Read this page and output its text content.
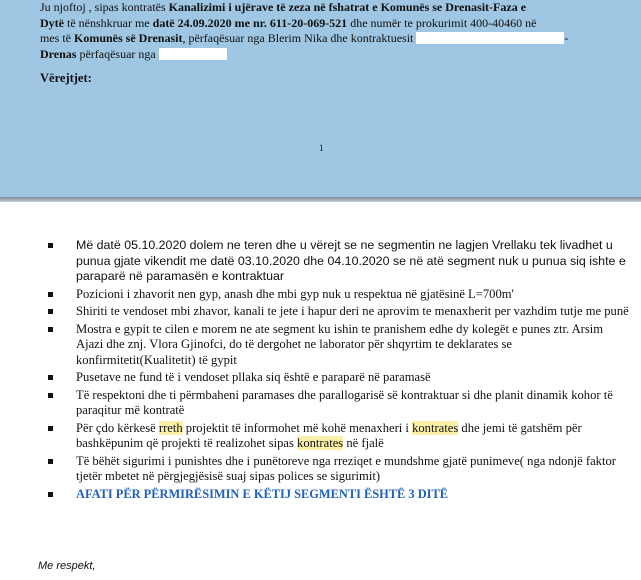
Ju njoftoj , sipas kontratës Kanalizimi i ujërave të zeza në fshatrat e Komunës se Drenasit-Faza e
Dytë të nënshkruar me datë 24.09.2020 me nr. 611-20-069-521 dhe numër te prokurimit 400-40460 në
mes të Komunës së Drenasit, përfaqësuar nga Blerim Nika dhe kontraktuesit	-
Drenas përfaqësuar nga
Vërejtjet:
1
Më datë 05.10.2020 dolem ne teren dhe u vërejt se ne segmentin ne lagjen Vrellaku tek livadhet u punua gjate vikendit me datë 03.10.2020 dhe 04.10.2020 se në atë segment nuk u punua siq ishte e paraparë në paramasën e kontraktuar
Pozicioni i zhavorit nen gyp, anash dhe mbi gyp nuk u respektua në gjatësinë L=700m'
Shiriti te vendoset mbi zhavor, kanali te jete i hapur deri ne aprovim te menaxherit per vazhdim tutje me punë
Mostra e gypit te cilen e morem ne ate segment ku ishin te pranishem edhe dy kolegët e punes ztr. Arsim Ajazi dhe znj. Vlora Gjinofci, do të dergohet ne laborator për shqyrtim te deklarates se konfirmitetit(Kualitetit) të gypit
Pusetave ne fund të i vendoset pllaka siq është e paraparë në paramasë
Të respektoni dhe ti përmbaheni paramases dhe parallogarisë së kontraktuar si dhe planit dinamik kohor të paraqitur më kontratë
Për çdo kërkesë rreth projektit të informohet më kohë menaxheri i kontrates dhe jemi të gatshëm për bashkëpunim që projekti të realizohet sipas kontrates në fjalë
Të bëhët sigurimi i punishtes dhe i punëtoreve nga rreziqet e mundshme gjatë punimeve( nga ndonjë faktor tjetër mbetet në përgjegjësisë suaj sipas polices se sigurimit)
AFATI PËR PËRMIRËSIMIN E KËTIJ SEGMENTI ËSHTË 3 DITË
Me respekt,
